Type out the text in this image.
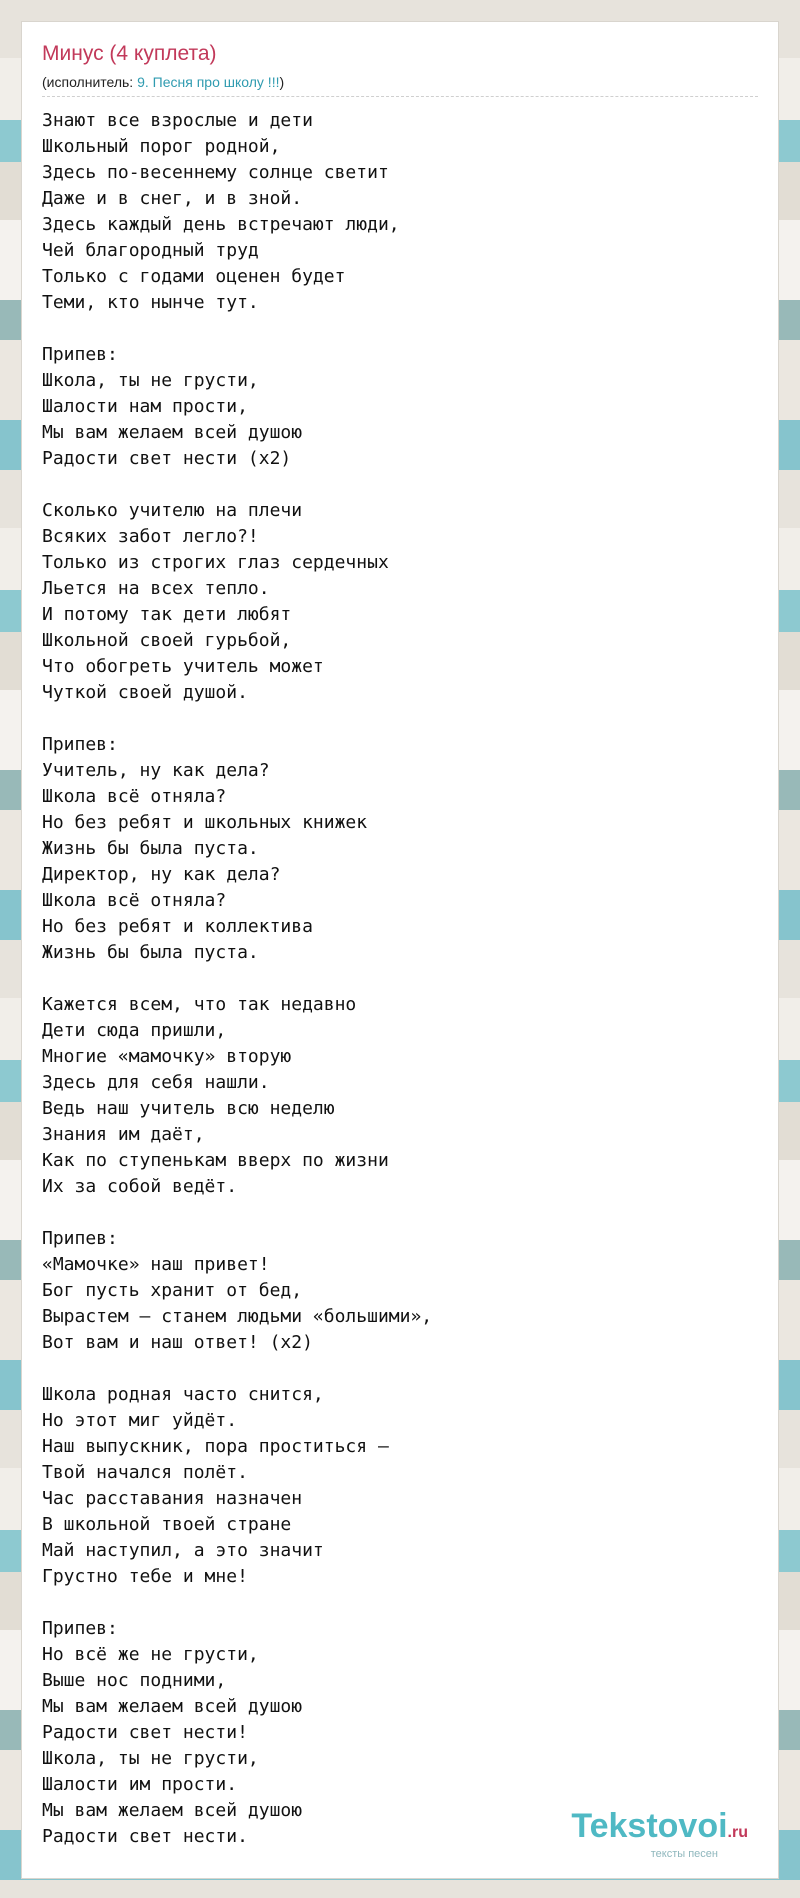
Минус (4 куплета)
(исполнитель: 9. Песня про школу !!!)
Знают все взрослые и дети
Школьный порог родной,
Здесь по-весеннему солнце светит
Даже и в снег, и в зной.
Здесь каждый день встречают люди,
Чей благородный труд
Только с годами оценен будет
Теми, кто нынче тут.

Припев:
Школа, ты не грусти,
Шалости нам прости,
Мы вам желаем всей душою
Радости свет нести (х2)

Сколько учителю на плечи
Всяких забот легло?!
Только из строгих глаз сердечных
Льется на всех тепло.
И потому так дети любят
Школьной своей гурьбой,
Что обогреть учитель может
Чуткой своей душой.

Припев:
Учитель, ну как дела?
Школа всё отняла?
Но без ребят и школьных книжек
Жизнь бы была пуста.
Директор, ну как дела?
Школа всё отняла?
Но без ребят и коллектива
Жизнь бы была пуста.

Кажется всем, что так недавно
Дети сюда пришли,
Многие «мамочку» вторую
Здесь для себя нашли.
Ведь наш учитель всю неделю
Знания им даёт,
Как по ступенькам вверх по жизни
Их за собой ведёт.

Припев:
«Мамочке» наш привет!
Бог пусть хранит от бед,
Вырастем – станем людьми «большими»,
Вот вам и наш ответ! (х2)

Школа родная часто снится,
Но этот миг уйдёт.
Наш выпускник, пора проститься –
Твой начался полёт.
Час расставания назначен
В школьной твоей стране
Май наступил, а это значит
Грустно тебе и мне!

Припев:
Но всё же не грусти,
Выше нос подними,
Мы вам желаем всей душою
Радости свет нести!
Школа, ты не грусти,
Шалости им прости.
Мы вам желаем всей душою
Радости свет нести.	Tekstovoi.ru
тексты песен
